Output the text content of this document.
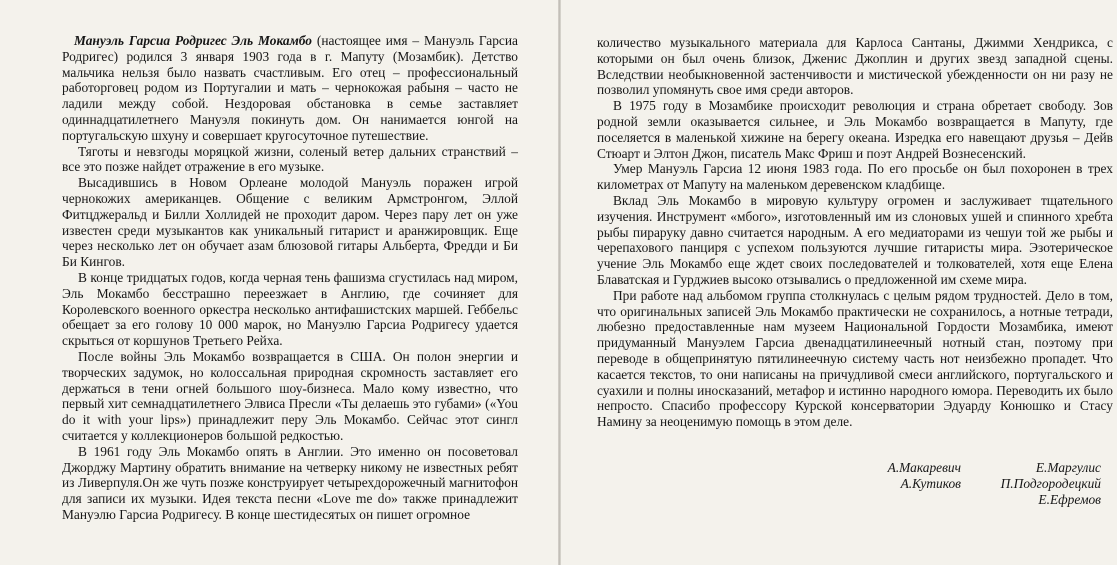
Мануэль Гарсиа Родригес Эль Мокамбо (настоящее имя – Мануэль Гарсиа Родригес) родился 3 января 1903 года в г. Мапуту (Мозамбик). Детство мальчика нельзя было назвать счастливым. Его отец – профессиональный работорговец родом из Португалии и мать – чернокожая рабыня – часто не ладили между собой. Нездоровая обстановка в семье заставляет одиннадцатилетнего Мануэля покинуть дом. Он нанимается юнгой на португальскую шхуну и совершает кругосуточное путешествие.

Тяготы и невзгоды моряцкой жизни, соленый ветер дальних странствий – все это позже найдет отражение в его музыке.

Высадившись в Новом Орлеане молодой Мануэль поражен игрой чернокожих американцев. Общение с великим Армстронгом, Эллой Фитцджеральд и Билли Холлидей не проходит даром. Через пару лет он уже известен среди музыкантов как уникальный гитарист и аранжировщик. Еще через несколько лет он обучает азам блюзовой гитары Альберта, Фредди и Би Би Кингов.

В конце тридцатых годов, когда черная тень фашизма сгустилась над миром, Эль Мокамбо бесстрашно переезжает в Англию, где сочиняет для Королевского военного оркестра несколько антифашистских маршей. Геббельс обещает за его голову 10 000 марок, но Мануэлю Гарсиа Родригесу удается скрыться от коршунов Третьего Рейха.

После войны Эль Мокамбо возвращается в США. Он полон энергии и творческих задумок, но колоссальная природная скромность заставляет его держаться в тени огней большого шоу-бизнеса. Мало кому известно, что первый хит семнадцатилетнего Элвиса Пресли «Ты делаешь это губами» («You do it with your lips») принадлежит перу Эль Мокамбо. Сейчас этот сингл считается у коллекционеров большой редкостью.

В 1961 году Эль Мокамбо опять в Англии. Это именно он посоветовал Джорджу Мартину обратить внимание на четверку никому не известных ребят из Ливерпуля.Он же чуть позже конструирует четырехдорожечный магнитофон для записи их музыки. Идея текста песни «Love me do» также принадлежит Мануэлю Гарсиа Родригесу. В конце шестидесятых он пишет огромное

количество музыкального материала для Карлоса Сантаны, Джимми Хендрикса, с которыми он был очень близок, Дженис Джоплин и других звезд западной сцены. Вследствии необыкновенной застенчивости и мистической убежденности он ни разу не позволил упомянуть свое имя среди авторов.

В 1975 году в Мозамбике происходит революция и страна обретает свободу. Зов родной земли оказывается сильнее, и Эль Мокамбо возвращается в Мапуту, где поселяется в маленькой хижине на берегу океана. Изредка его навещают друзья – Дейв Стюарт и Элтон Джон, писатель Макс Фриш и поэт Андрей Вознесенский.

Умер Мануэль Гарсиа 12 июня 1983 года. По его просьбе он был похоронен в трех километрах от Мапуту на маленьком деревенском кладбище.

Вклад Эль Мокамбо в мировую культуру огромен и заслуживает тщательного изучения. Инструмент «мбого», изготовленный им из слоновых ушей и спинного хребта рыбы пираруку давно считается народным. А его медиаторами из чешуи той же рыбы и черепахового панциря с успехом пользуются лучшие гитаристы мира. Эзотерическое учение Эль Мокамбо еще ждет своих последователей и толкователей, хотя еще Елена Блаватская и Гурджиев высоко отзывались о предложенной им схеме мира.

При работе над альбомом группа столкнулась с целым рядом трудностей. Дело в том, что оригинальных записей Эль Мокамбо практически не сохранилось, а нотные тетради, любезно предоставленные нам музеем Национальной Гордости Мозамбика, имеют придуманный Мануэлем Гарсиа двенадцатилинеечный нотный стан, поэтому при переводе в общепринятую пятилинеечную систему часть нот неизбежно пропадет. Что касается текстов, то они написаны на причудливой смеси английского, португальского и суахили и полны иносказаний, метафор и истинно народного юмора. Переводить их было непросто. Спасибо профессору Курской консерватории Эдуарду Конюшко и Стасу Намину за неоценимую помощь в этом деле.

А.Макаревич
А.Кутиков
Е.Маргулис
П.Подгородецкий
Е.Ефремов
